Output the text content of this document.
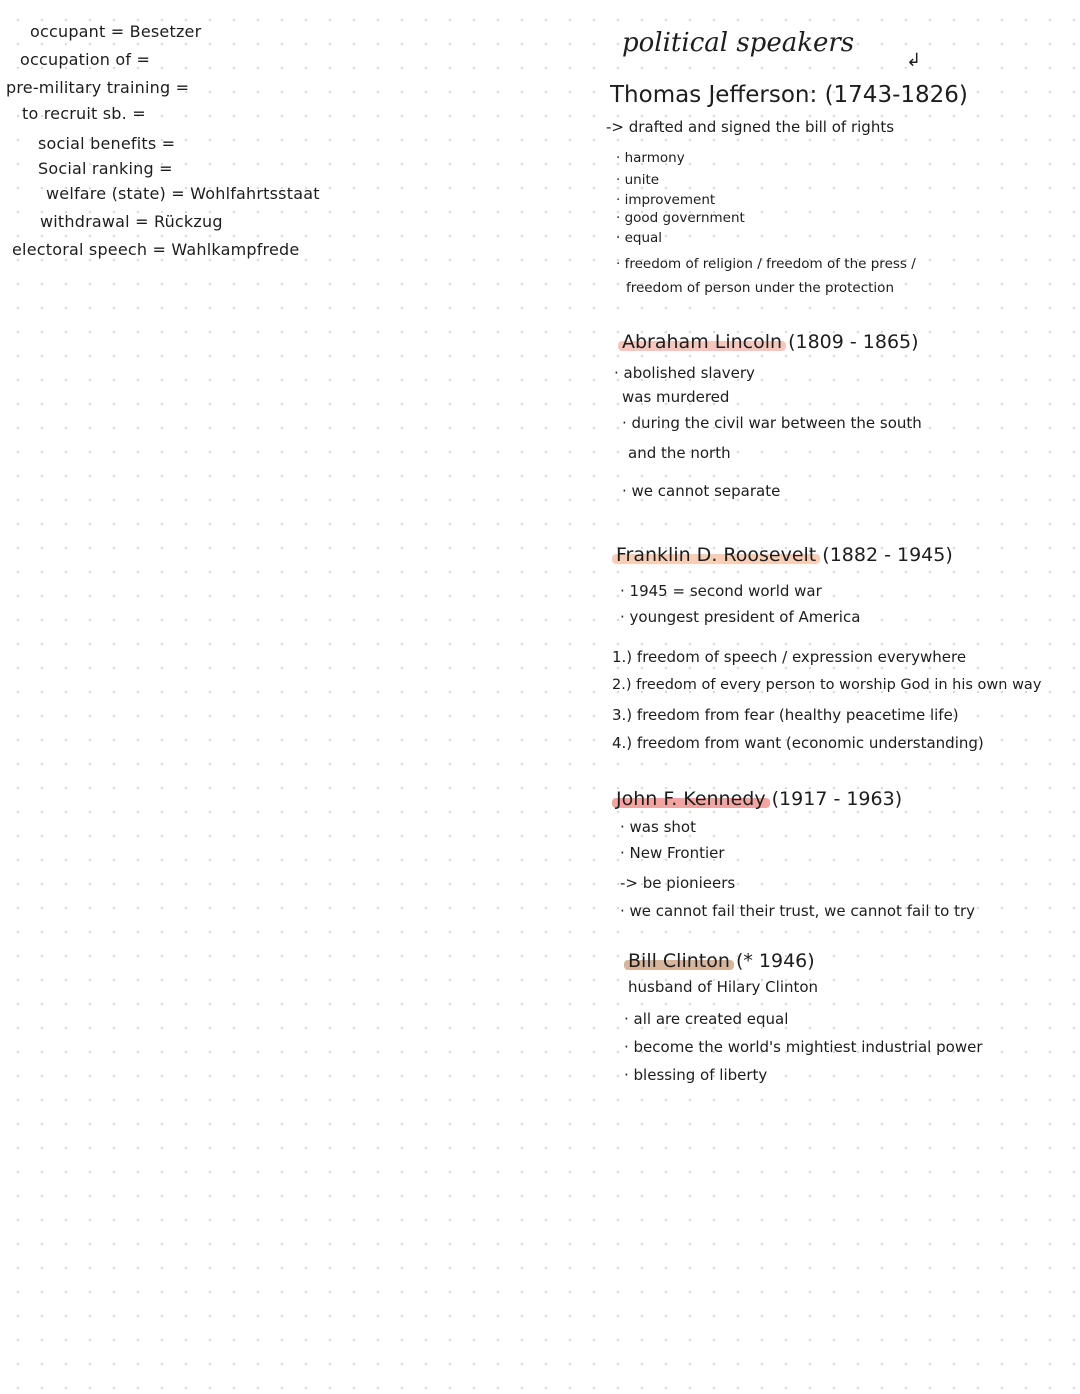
occupant = Besetzer
occupation of =
pre-military training =
to recruit sb. =
social benefits =
Social ranking =
welfare (state) = Wohlfahrtsstaat
withdrawal = Rückzug
electoral speech = Wahlkampfrede
political speakers
↲
Thomas Jefferson: (1743-1826)
-> drafted and signed the bill of rights
· harmony
· unite
· improvement
· good government
· equal
· freedom of religion / freedom of the press /
freedom of person under the protection
Abraham Lincoln (1809 - 1865)
· abolished slavery
was murdered
· during the civil war between the south
and the north
· we cannot separate
Franklin D. Roosevelt (1882 - 1945)
· 1945 = second world war
· youngest president of America
1.) freedom of speech / expression everywhere
2.) freedom of every person to worship God in his own way
3.) freedom from fear (healthy peacetime life)
4.) freedom from want (economic understanding)
John F. Kennedy (1917 - 1963)
· was shot
· New Frontier
-> be pionieers
· we cannot fail their trust, we cannot fail to try
Bill Clinton (* 1946)
husband of Hilary Clinton
· all are created equal
· become the world's mightiest industrial power
· blessing of liberty
